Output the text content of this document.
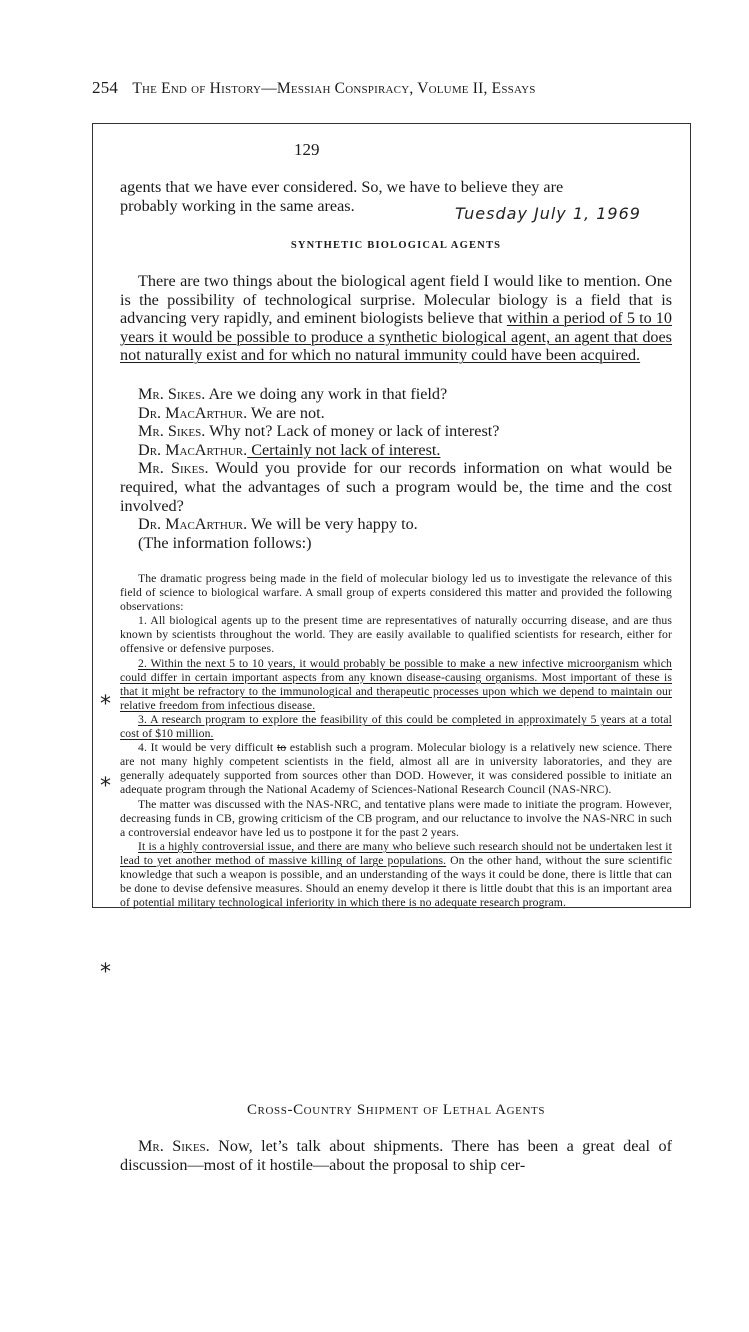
254 The End of History—Messiah Conspiracy, Volume II, Essays
129

agents that we have ever considered. So, we have to believe they are

probably working in the same areas.	Tuesday July 1, 1969

SYNTHETIC BIOLOGICAL AGENTS

There are two things about the biological agent field I would like to mention. One is the possibility of technological surprise. Molecular biology is a field that is advancing very rapidly, and eminent biologists believe that within a period of 5 to 10 years it would be possible to produce a synthetic biological agent, an agent that does not naturally exist and for which no natural immunity could have been acquired.

Mr. Sikes. Are we doing any work in that field?

Dr. MacArthur. We are not.

Mr. Sikes. Why not? Lack of money or lack of interest?

Dr. MacArthur. Certainly not lack of interest.

Mr. Sikes. Would you provide for our records information on what would be required, what the advantages of such a program would be, the time and the cost involved?

Dr. MacArthur. We will be very happy to.

(The information follows:)

The dramatic progress being made in the field of molecular biology led us to investigate the relevance of this field of science to biological warfare. A small group of experts considered this matter and provided the following observations:

1. All biological agents up to the present time are representatives of naturally occurring disease, and are thus known by scientists throughout the world. They are easily available to qualified scientists for research, either for offensive or defensive purposes.

2. Within the next 5 to 10 years, it would probably be possible to make a new infective microorganism which could differ in certain important aspects from any known disease-causing organisms. Most important of these is that it might be refractory to the immunological and therapeutic processes upon which we depend to maintain our relative freedom from infectious disease.

3. A research program to explore the feasibility of this could be completed in approximately 5 years at a total cost of $10 million.

4. It would be very difficult to establish such a program. Molecular biology is a relatively new science. There are not many highly competent scientists in the field, almost all are in university laboratories, and they are generally adequately supported from sources other than DOD. However, it was considered possible to initiate an adequate program through the National Academy of Sciences-National Research Council (NAS-NRC).

The matter was discussed with the NAS-NRC, and tentative plans were made to initiate the program. However, decreasing funds in CB, growing criticism of the CB program, and our reluctance to involve the NAS-NRC in such a controversial endeavor have led us to postpone it for the past 2 years.

It is a highly controversial issue, and there are many who believe such research should not be undertaken lest it lead to yet another method of massive killing of large populations. On the other hand, without the sure scientific knowledge that such a weapon is possible, and an understanding of the ways it could be done, there is little that can be done to devise defensive measures. Should an enemy develop it there is little doubt that this is an important area of potential military technological inferiority in which there is no adequate research program.

*
*
*

Cross-Country Shipment of Lethal Agents

Mr. Sikes. Now, let’s talk about shipments. There has been a great deal of discussion—most of it hostile—about the proposal to ship cer-
